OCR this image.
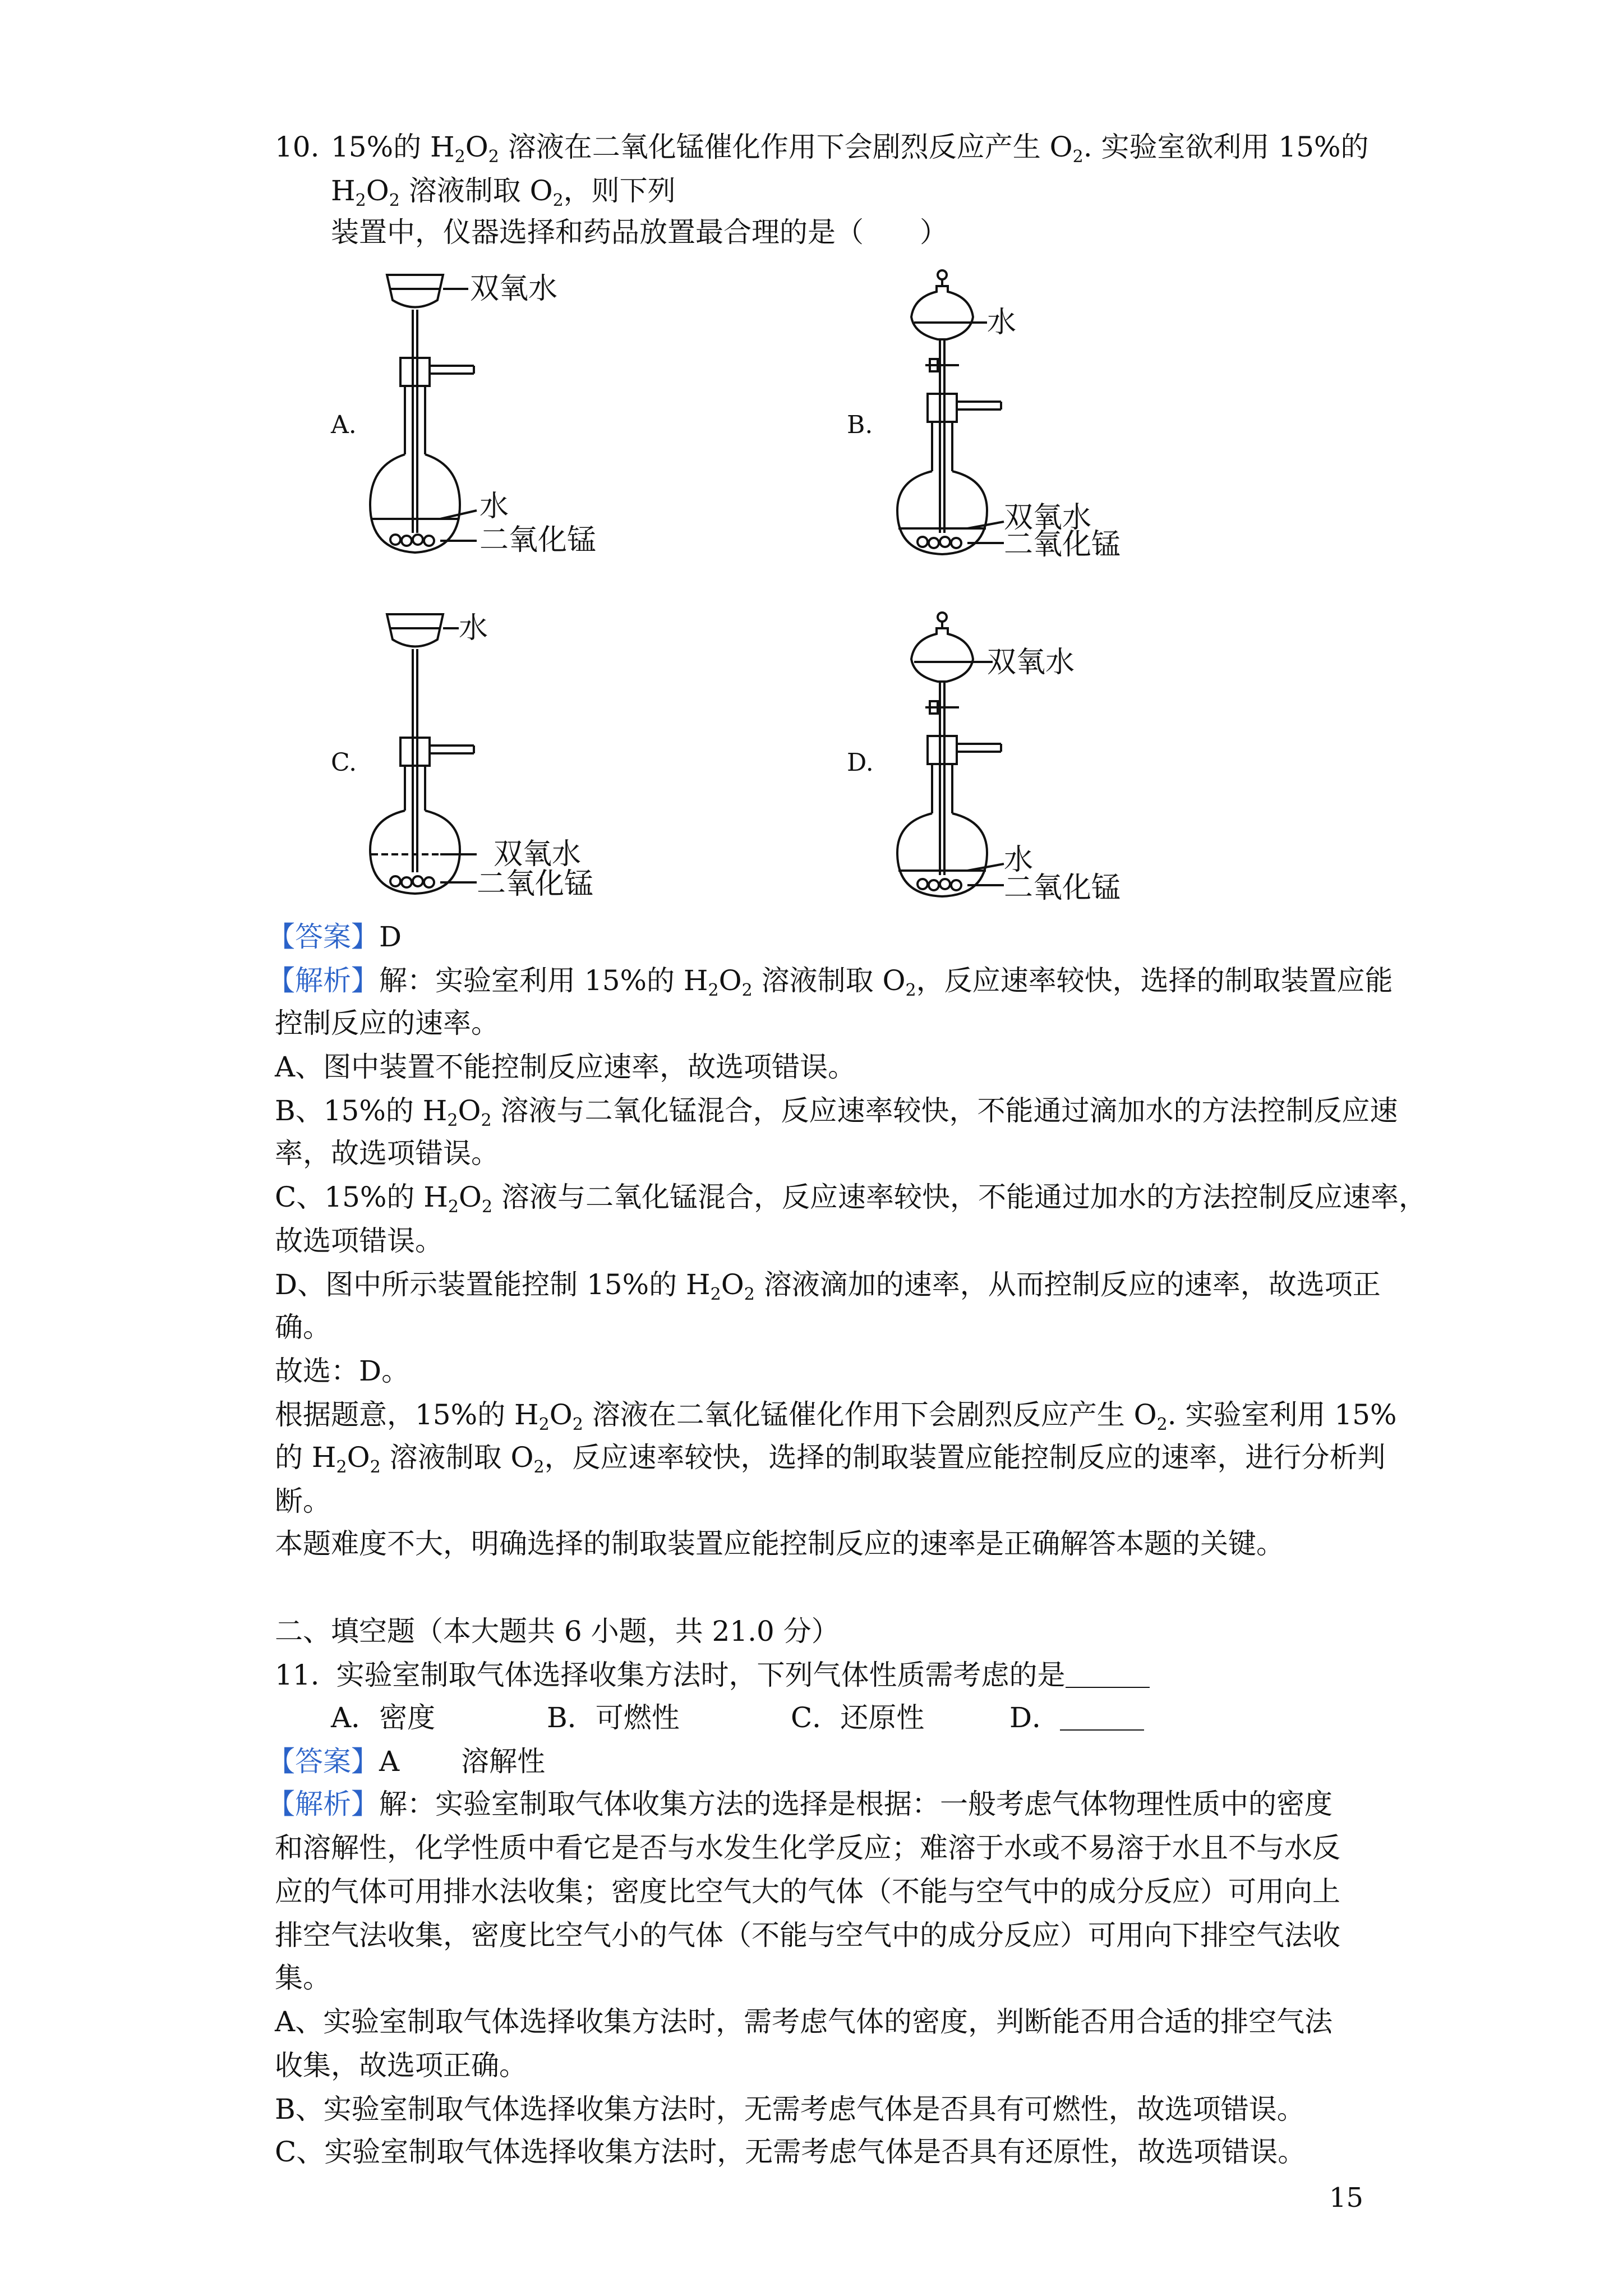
10. 15%的 $H_2O_2$ 溶液在二氧化锰催化作用下会剧烈反应产生 $O_2$. 实验室欲利用 15%的
$H_2O_2$ 溶液制取 $O_2$，则下列
装置中，仪器选择和药品放置最合理的是（　　）
A.	B.
C.	D.
双氧水
水
二氧化锰
水
双氧水
二氧化锰
水
双氧水
二氧化锰
双氧水
水
二氧化锰
【答案】D
【解析】解：实验室利用 15%的 $H_2O_2$ 溶液制取 $O_2$，反应速率较快，选择的制取装置应能
控制反应的速率。
A、图中装置不能控制反应速率，故选项错误。
B、15%的 $H_2O_2$ 溶液与二氧化锰混合，反应速率较快，不能通过滴加水的方法控制反应速
率，故选项错误。
C、15%的 $H_2O_2$ 溶液与二氧化锰混合，反应速率较快，不能通过加水的方法控制反应速率，
故选项错误。
D、图中所示装置能控制 15%的 $H_2O_2$ 溶液滴加的速率，从而控制反应的速率，故选项正
确。
故选：D。
根据题意，15%的 $H_2O_2$ 溶液在二氧化锰催化作用下会剧烈反应产生 $O_2$. 实验室利用 15%
的 $H_2O_2$ 溶液制取 $O_2$，反应速率较快，选择的制取装置应能控制反应的速率，进行分析判
断。
本题难度不大，明确选择的制取装置应能控制反应的速率是正确解答本题的关键。
二、填空题（本大题共 6 小题，共 21.0 分）
11. 实验室制取气体选择收集方法时，下列气体性质需考虑的是
A．密度	B．可燃性	C．还原性	D．
【答案】A 溶解性
【解析】解：实验室制取气体收集方法的选择是根据：一般考虑气体物理性质中的密度
和溶解性，化学性质中看它是否与水发生化学反应；难溶于水或不易溶于水且不与水反
应的气体可用排水法收集；密度比空气大的气体（不能与空气中的成分反应）可用向上
排空气法收集，密度比空气小的气体（不能与空气中的成分反应）可用向下排空气法收
集。
A、实验室制取气体选择收集方法时，需考虑气体的密度，判断能否用合适的排空气法
收集，故选项正确。
B、实验室制取气体选择收集方法时，无需考虑气体是否具有可燃性，故选项错误。
C、实验室制取气体选择收集方法时，无需考虑气体是否具有还原性，故选项错误。
15
